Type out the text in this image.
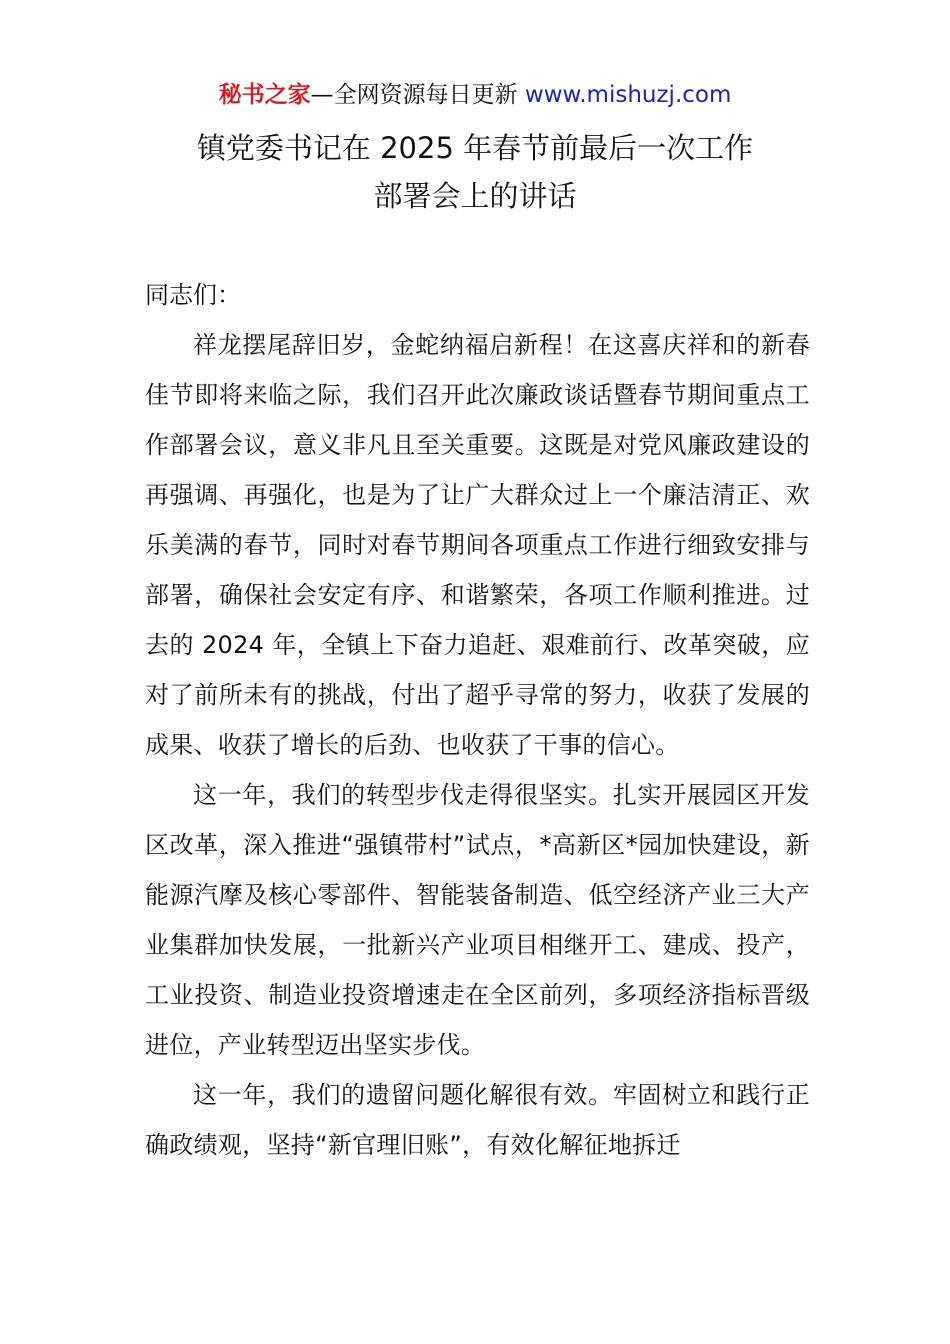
秘书之家—全网资源每日更新 www.mishuzj.com
镇党委书记在 2025 年春节前最后一次工作
部署会上的讲话

同志们：

祥龙摆尾辞旧岁，金蛇纳福启新程！在这喜庆祥和的新春佳节即将来临之际，我们召开此次廉政谈话暨春节期间重点工作部署会议，意义非凡且至关重要。这既是对党风廉政建设的再强调、再强化，也是为了让广大群众过上一个廉洁清正、欢乐美满的春节，同时对春节期间各项重点工作进行细致安排与部署，确保社会安定有序、和谐繁荣，各项工作顺利推进。过去的 2024 年，全镇上下奋力追赶、艰难前行、改革突破，应对了前所未有的挑战，付出了超乎寻常的努力，收获了发展的成果、收获了增长的后劲、也收获了干事的信心。

这一年，我们的转型步伐走得很坚实。扎实开展园区开发区改革，深入推进“强镇带村”试点，*高新区*园加快建设，新能源汽摩及核心零部件、智能装备制造、低空经济产业三大产业集群加快发展，一批新兴产业项目相继开工、建成、投产，工业投资、制造业投资增速走在全区前列，多项经济指标晋级进位，产业转型迈出坚实步伐。

这一年，我们的遗留问题化解很有效。牢固树立和践行正确政绩观，坚持“新官理旧账”，有效化解征地拆迁
